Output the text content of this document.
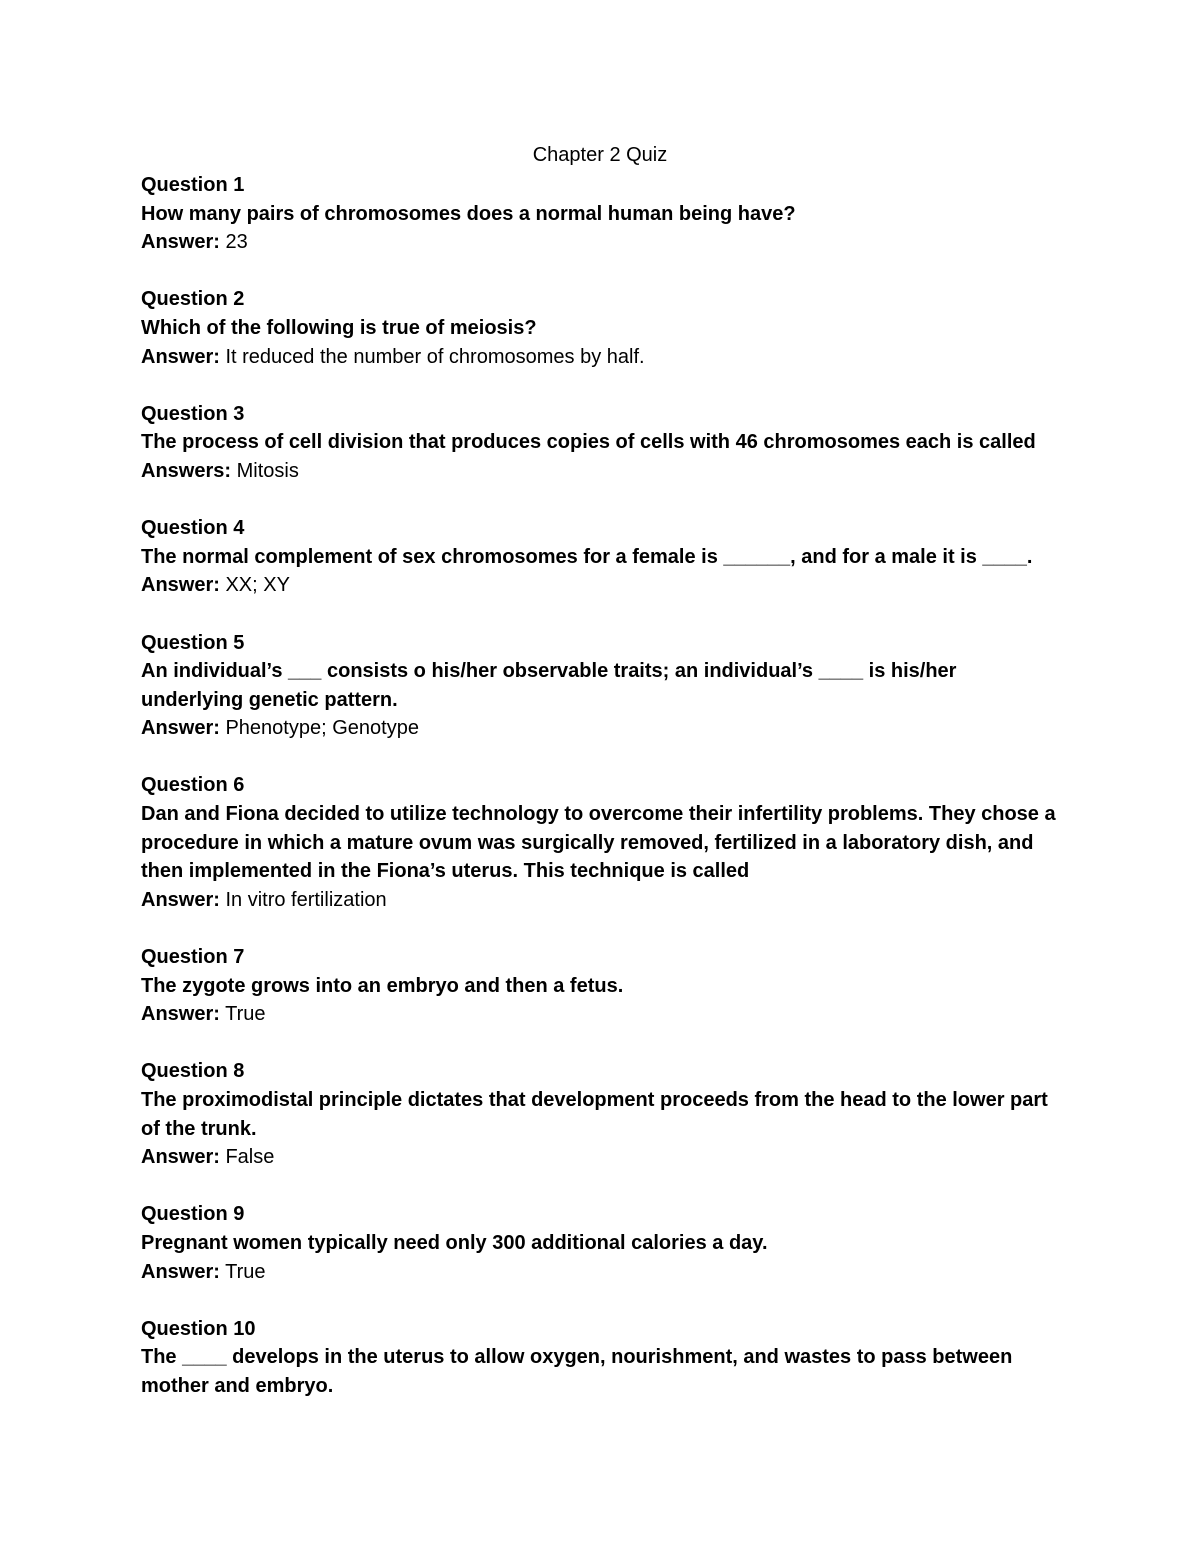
Chapter 2 Quiz
Question 1
How many pairs of chromosomes does a normal human being have?
Answer: 23
Question 2
Which of the following is true of meiosis?
Answer: It reduced the number of chromosomes by half.
Question 3
The process of cell division that produces copies of cells with 46 chromosomes each is called
Answers: Mitosis
Question 4
The normal complement of sex chromosomes for a female is ______, and for a male it is ____.
Answer: XX; XY
Question 5
An individual’s ___ consists o his/her observable traits; an individual’s ____ is his/her underlying genetic pattern.
Answer: Phenotype; Genotype
Question 6
Dan and Fiona decided to utilize technology to overcome their infertility problems. They chose a procedure in which a mature ovum was surgically removed, fertilized in a laboratory dish, and then implemented in the Fiona’s uterus. This technique is called
Answer: In vitro fertilization
Question 7
The zygote grows into an embryo and then a fetus.
Answer: True
Question 8
The proximodistal principle dictates that development proceeds from the head to the lower part of the trunk.
Answer: False
Question 9
Pregnant women typically need only 300 additional calories a day.
Answer: True
Question 10
The ____ develops in the uterus to allow oxygen, nourishment, and wastes to pass between mother and embryo.
